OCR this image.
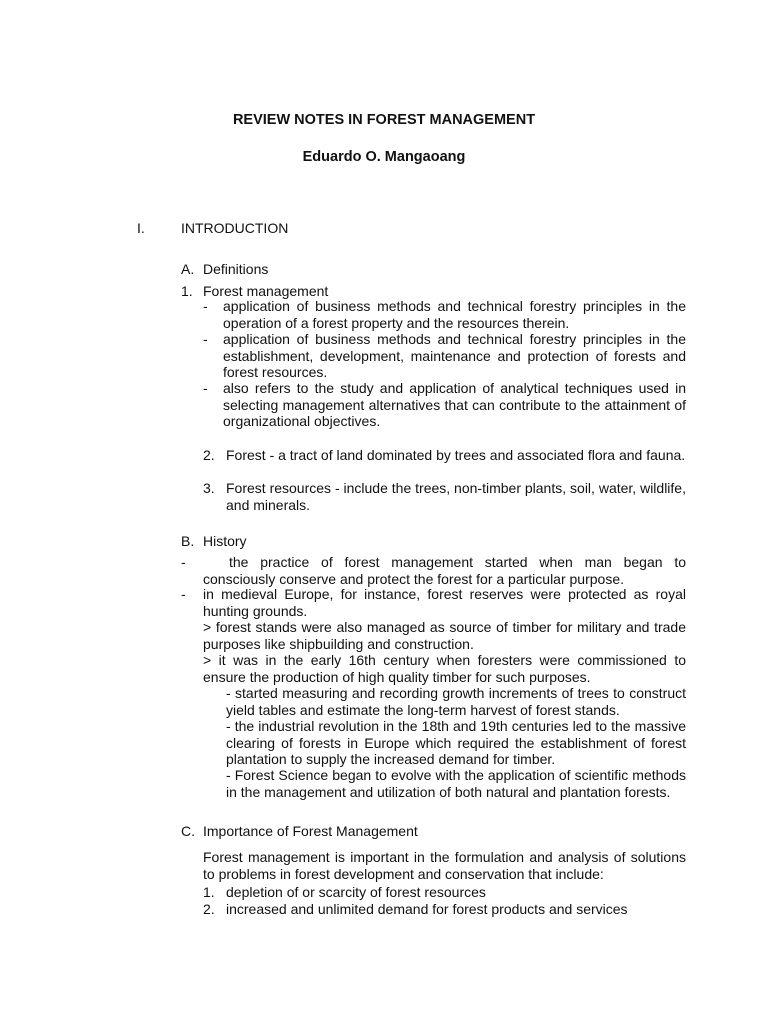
REVIEW NOTES IN FOREST MANAGEMENT
Eduardo O. Mangaoang
I.	INTRODUCTION
A. Definitions
1. Forest management
- application of business methods and technical forestry principles in the operation of a forest property and the resources therein.
- application of business methods and technical forestry principles in the establishment, development, maintenance and protection of forests and forest resources.
- also refers to the study and application of analytical techniques used in selecting management alternatives that can contribute to the attainment of organizational objectives.
2. Forest - a tract of land dominated by trees and associated flora and fauna.
3. Forest resources - include the trees, non-timber plants, soil, water, wildlife, and minerals.
B. History
-	the practice of forest management started when man began to consciously conserve and protect the forest for a particular purpose.
- in medieval Europe, for instance, forest reserves were protected as royal hunting grounds.
> forest stands were also managed as source of timber for military and trade purposes like shipbuilding and construction.
> it was in the early 16th century when foresters were commissioned to ensure the production of high quality timber for such purposes.
- started measuring and recording growth increments of trees to construct yield tables and estimate the long-term harvest of forest stands.
- the industrial revolution in the 18th and 19th centuries led to the massive clearing of forests in Europe which required the establishment of forest plantation to supply the increased demand for timber.
- Forest Science began to evolve with the application of scientific methods in the management and utilization of both natural and plantation forests.
C. Importance of Forest Management
Forest management is important in the formulation and analysis of solutions to problems in forest development and conservation that include:
1. depletion of or scarcity of forest resources
2. increased and unlimited demand for forest products and services
